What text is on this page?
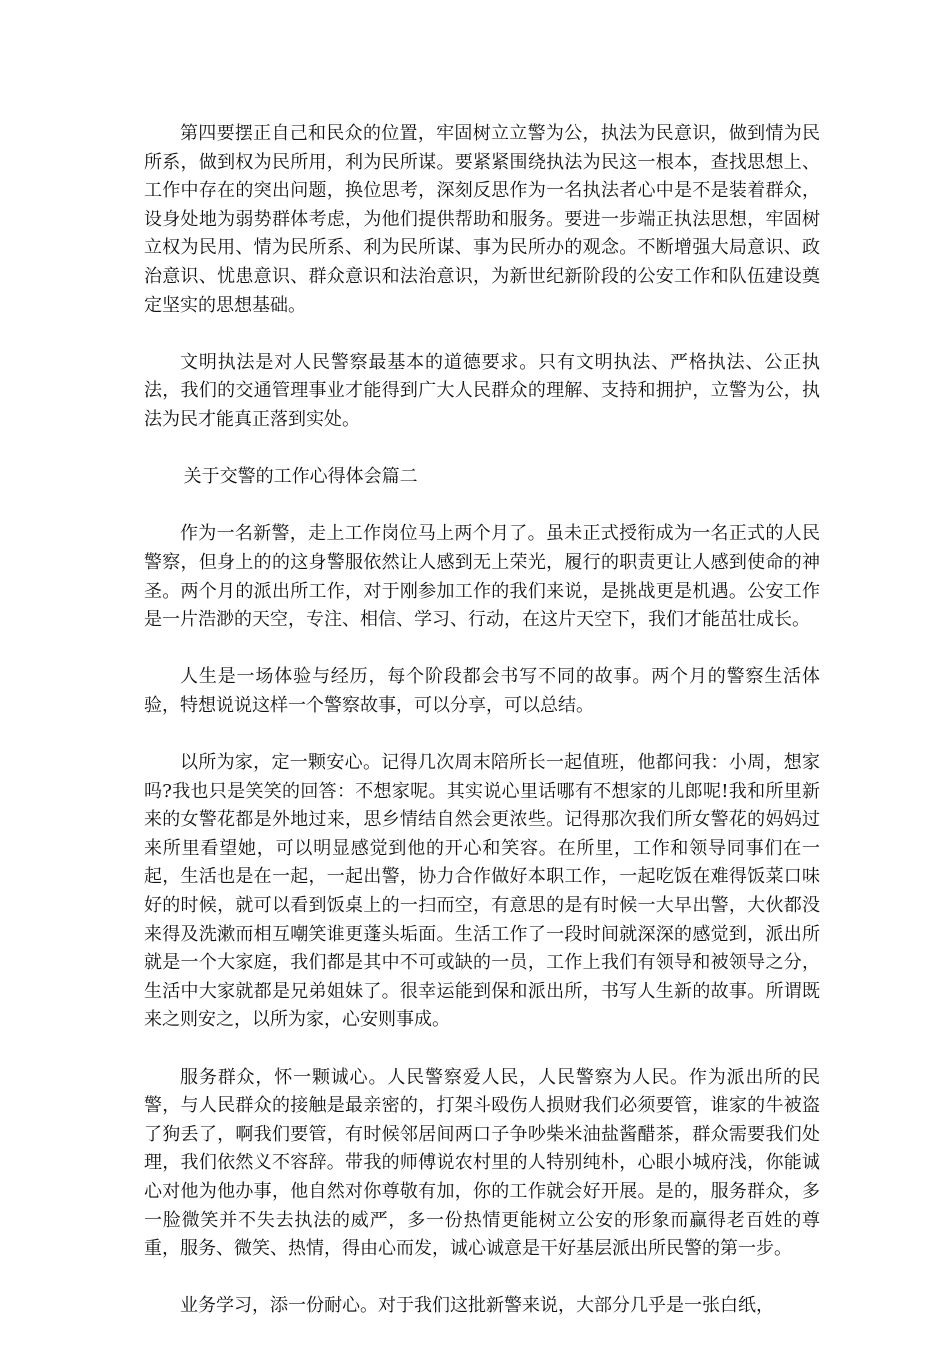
第四要摆正自己和民众的位置，牢固树立立警为公，执法为民意识，做到情为民所系，做到权为民所用，利为民所谋。要紧紧围绕执法为民这一根本，查找思想上、工作中存在的突出问题，换位思考，深刻反思作为一名执法者心中是不是装着群众，设身处地为弱势群体考虑，为他们提供帮助和服务。要进一步端正执法思想，牢固树立权为民用、情为民所系、利为民所谋、事为民所办的观念。不断增强大局意识、政治意识、忧患意识、群众意识和法治意识，为新世纪新阶段的公安工作和队伍建设奠定坚实的思想基础。

文明执法是对人民警察最基本的道德要求。只有文明执法、严格执法、公正执法，我们的交通管理事业才能得到广大人民群众的理解、支持和拥护，立警为公，执法为民才能真正落到实处。

关于交警的工作心得体会篇二

作为一名新警，走上工作岗位马上两个月了。虽未正式授衔成为一名正式的人民警察，但身上的的这身警服依然让人感到无上荣光，履行的职责更让人感到使命的神圣。两个月的派出所工作，对于刚参加工作的我们来说，是挑战更是机遇。公安工作是一片浩渺的天空，专注、相信、学习、行动，在这片天空下，我们才能茁壮成长。

人生是一场体验与经历，每个阶段都会书写不同的故事。两个月的警察生活体验，特想说说这样一个警察故事，可以分享，可以总结。

以所为家，定一颗安心。记得几次周末陪所长一起值班，他都问我：小周，想家吗?我也只是笑笑的回答：不想家呢。其实说心里话哪有不想家的儿郎呢!我和所里新来的女警花都是外地过来，思乡情结自然会更浓些。记得那次我们所女警花的妈妈过来所里看望她，可以明显感觉到他的开心和笑容。在所里，工作和领导同事们在一起，生活也是在一起，一起出警，协力合作做好本职工作，一起吃饭在难得饭菜口味好的时候，就可以看到饭桌上的一扫而空，有意思的是有时候一大早出警，大伙都没来得及洗漱而相互嘲笑谁更蓬头垢面。生活工作了一段时间就深深的感觉到，派出所就是一个大家庭，我们都是其中不可或缺的一员，工作上我们有领导和被领导之分，生活中大家就都是兄弟姐妹了。很幸运能到保和派出所，书写人生新的故事。所谓既来之则安之，以所为家，心安则事成。

服务群众，怀一颗诚心。人民警察爱人民，人民警察为人民。作为派出所的民警，与人民群众的接触是最亲密的，打架斗殴伤人损财我们必须要管，谁家的牛被盗了狗丢了，啊我们要管，有时候邻居间两口子争吵柴米油盐酱醋茶，群众需要我们处理，我们依然义不容辞。带我的师傅说农村里的人特别纯朴，心眼小城府浅，你能诚心对他为他办事，他自然对你尊敬有加，你的工作就会好开展。是的，服务群众，多一脸微笑并不失去执法的威严，多一份热情更能树立公安的形象而赢得老百姓的尊重，服务、微笑、热情，得由心而发，诚心诚意是干好基层派出所民警的第一步。

业务学习，添一份耐心。对于我们这批新警来说，大部分几乎是一张白纸，
